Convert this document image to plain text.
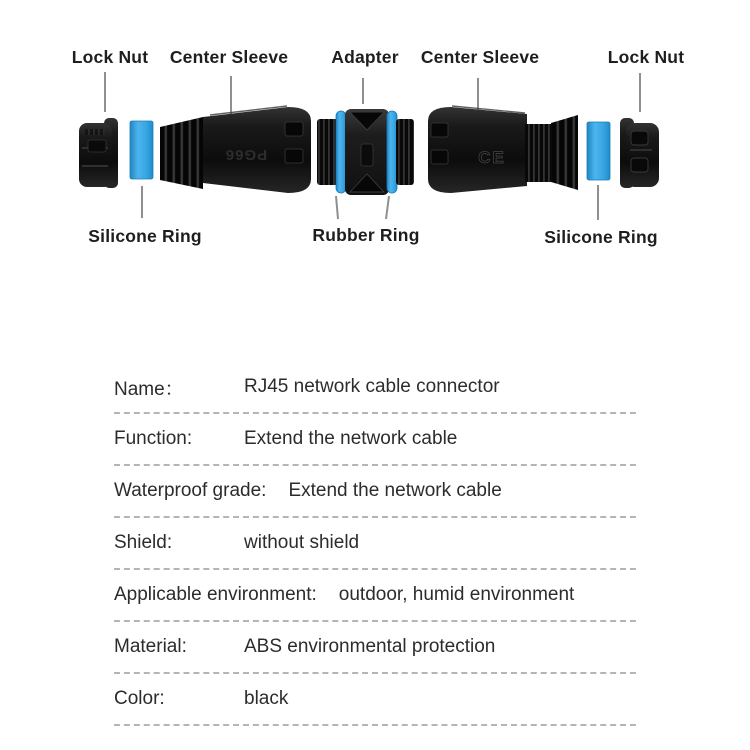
PG66	CE
Lock Nut Center Sleeve Adapter Center Sleeve	Lock Nut
Silicone Ring	Rubber Ring	Silicone Ring
Name：	RJ45 network cable connector
Function:	Extend the network cable
Waterproof grade:	Extend the network cable
Shield:	without shield
Applicable environment:	outdoor, humid environment
Material:	ABS environmental protection
Color:	black
